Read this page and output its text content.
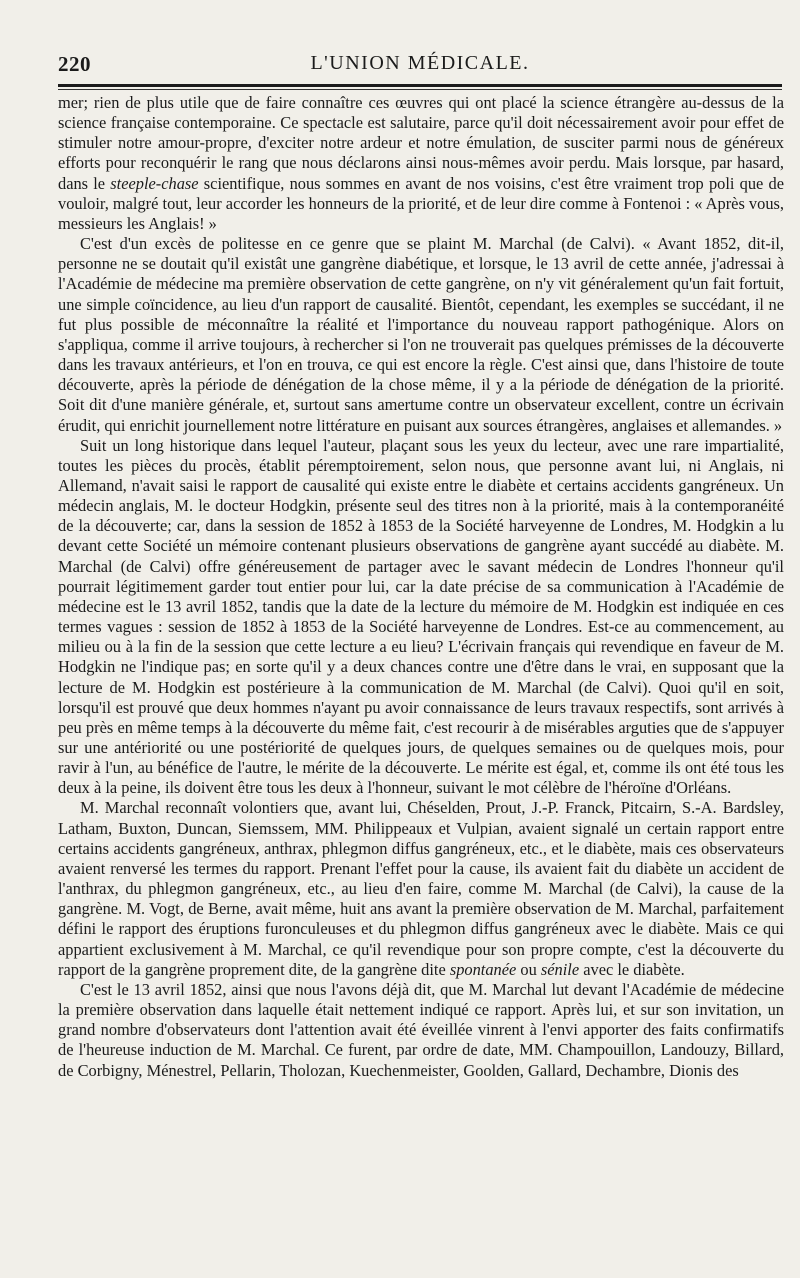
220	L'UNION MÉDICALE.

mer; rien de plus utile que de faire connaître ces œuvres qui ont placé la science étrangère au-dessus de la science française contemporaine. Ce spectacle est salutaire, parce qu'il doit nécessairement avoir pour effet de stimuler notre amour-propre, d'exciter notre ardeur et notre émulation, de susciter parmi nous de généreux efforts pour reconquérir le rang que nous déclarons ainsi nous-mêmes avoir perdu. Mais lorsque, par hasard, dans le steeple-chase scientifique, nous sommes en avant de nos voisins, c'est être vraiment trop poli que de vouloir, malgré tout, leur accorder les honneurs de la priorité, et de leur dire comme à Fontenoi : « Après vous, messieurs les Anglais! »

C'est d'un excès de politesse en ce genre que se plaint M. Marchal (de Calvi). « Avant 1852, dit-il, personne ne se doutait qu'il existât une gangrène diabétique, et lorsque, le 13 avril de cette année, j'adressai à l'Académie de médecine ma première observation de cette gangrène, on n'y vit généralement qu'un fait fortuit, une simple coïncidence, au lieu d'un rapport de causalité. Bientôt, cependant, les exemples se succédant, il ne fut plus possible de méconnaître la réalité et l'importance du nouveau rapport pathogénique. Alors on s'appliqua, comme il arrive toujours, à rechercher si l'on ne trouverait pas quelques prémisses de la découverte dans les travaux antérieurs, et l'on en trouva, ce qui est encore la règle. C'est ainsi que, dans l'histoire de toute découverte, après la période de dénégation de la chose même, il y a la période de dénégation de la priorité. Soit dit d'une manière générale, et, surtout sans amertume contre un observateur excellent, contre un écrivain érudit, qui enrichit journellement notre littérature en puisant aux sources étrangères, anglaises et allemandes. »

Suit un long historique dans lequel l'auteur, plaçant sous les yeux du lecteur, avec une rare impartialité, toutes les pièces du procès, établit péremptoirement, selon nous, que personne avant lui, ni Anglais, ni Allemand, n'avait saisi le rapport de causalité qui existe entre le diabète et certains accidents gangréneux. Un médecin anglais, M. le docteur Hodgkin, présente seul des titres non à la priorité, mais à la contemporanéité de la découverte; car, dans la session de 1852 à 1853 de la Société harveyenne de Londres, M. Hodgkin a lu devant cette Société un mémoire contenant plusieurs observations de gangrène ayant succédé au diabète. M. Marchal (de Calvi) offre généreusement de partager avec le savant médecin de Londres l'honneur qu'il pourrait légitimement garder tout entier pour lui, car la date précise de sa communication à l'Académie de médecine est le 13 avril 1852, tandis que la date de la lecture du mémoire de M. Hodgkin est indiquée en ces termes vagues : session de 1852 à 1853 de la Société harveyenne de Londres. Est-ce au commencement, au milieu ou à la fin de la session que cette lecture a eu lieu? L'écrivain français qui revendique en faveur de M. Hodgkin ne l'indique pas; en sorte qu'il y a deux chances contre une d'être dans le vrai, en supposant que la lecture de M. Hodgkin est postérieure à la communication de M. Marchal (de Calvi). Quoi qu'il en soit, lorsqu'il est prouvé que deux hommes n'ayant pu avoir connaissance de leurs travaux respectifs, sont arrivés à peu près en même temps à la découverte du même fait, c'est recourir à de misérables arguties que de s'appuyer sur une antériorité ou une postériorité de quelques jours, de quelques semaines ou de quelques mois, pour ravir à l'un, au bénéfice de l'autre, le mérite de la découverte. Le mérite est égal, et, comme ils ont été tous les deux à la peine, ils doivent être tous les deux à l'honneur, suivant le mot célèbre de l'héroïne d'Orléans.

M. Marchal reconnaît volontiers que, avant lui, Chéselden, Prout, J.-P. Franck, Pitcairn, S.-A. Bardsley, Latham, Buxton, Duncan, Siemssem, MM. Philippeaux et Vulpian, avaient signalé un certain rapport entre certains accidents gangréneux, anthrax, phlegmon diffus gangréneux, etc., et le diabète, mais ces observateurs avaient renversé les termes du rapport. Prenant l'effet pour la cause, ils avaient fait du diabète un accident de l'anthrax, du phlegmon gangréneux, etc., au lieu d'en faire, comme M. Marchal (de Calvi), la cause de la gangrène. M. Vogt, de Berne, avait même, huit ans avant la première observation de M. Marchal, parfaitement défini le rapport des éruptions furonculeuses et du phlegmon diffus gangréneux avec le diabète. Mais ce qui appartient exclusivement à M. Marchal, ce qu'il revendique pour son propre compte, c'est la découverte du rapport de la gangrène proprement dite, de la gangrène dite spontanée ou sénile avec le diabète.

C'est le 13 avril 1852, ainsi que nous l'avons déjà dit, que M. Marchal lut devant l'Académie de médecine la première observation dans laquelle était nettement indiqué ce rapport. Après lui, et sur son invitation, un grand nombre d'observateurs dont l'attention avait été éveillée vinrent à l'envi apporter des faits confirmatifs de l'heureuse induction de M. Marchal. Ce furent, par ordre de date, MM. Champouillon, Landouzy, Billard, de Corbigny, Ménestrel, Pellarin, Tholozan, Kuechenmeister, Goolden, Gallard, Dechambre, Dionis des
